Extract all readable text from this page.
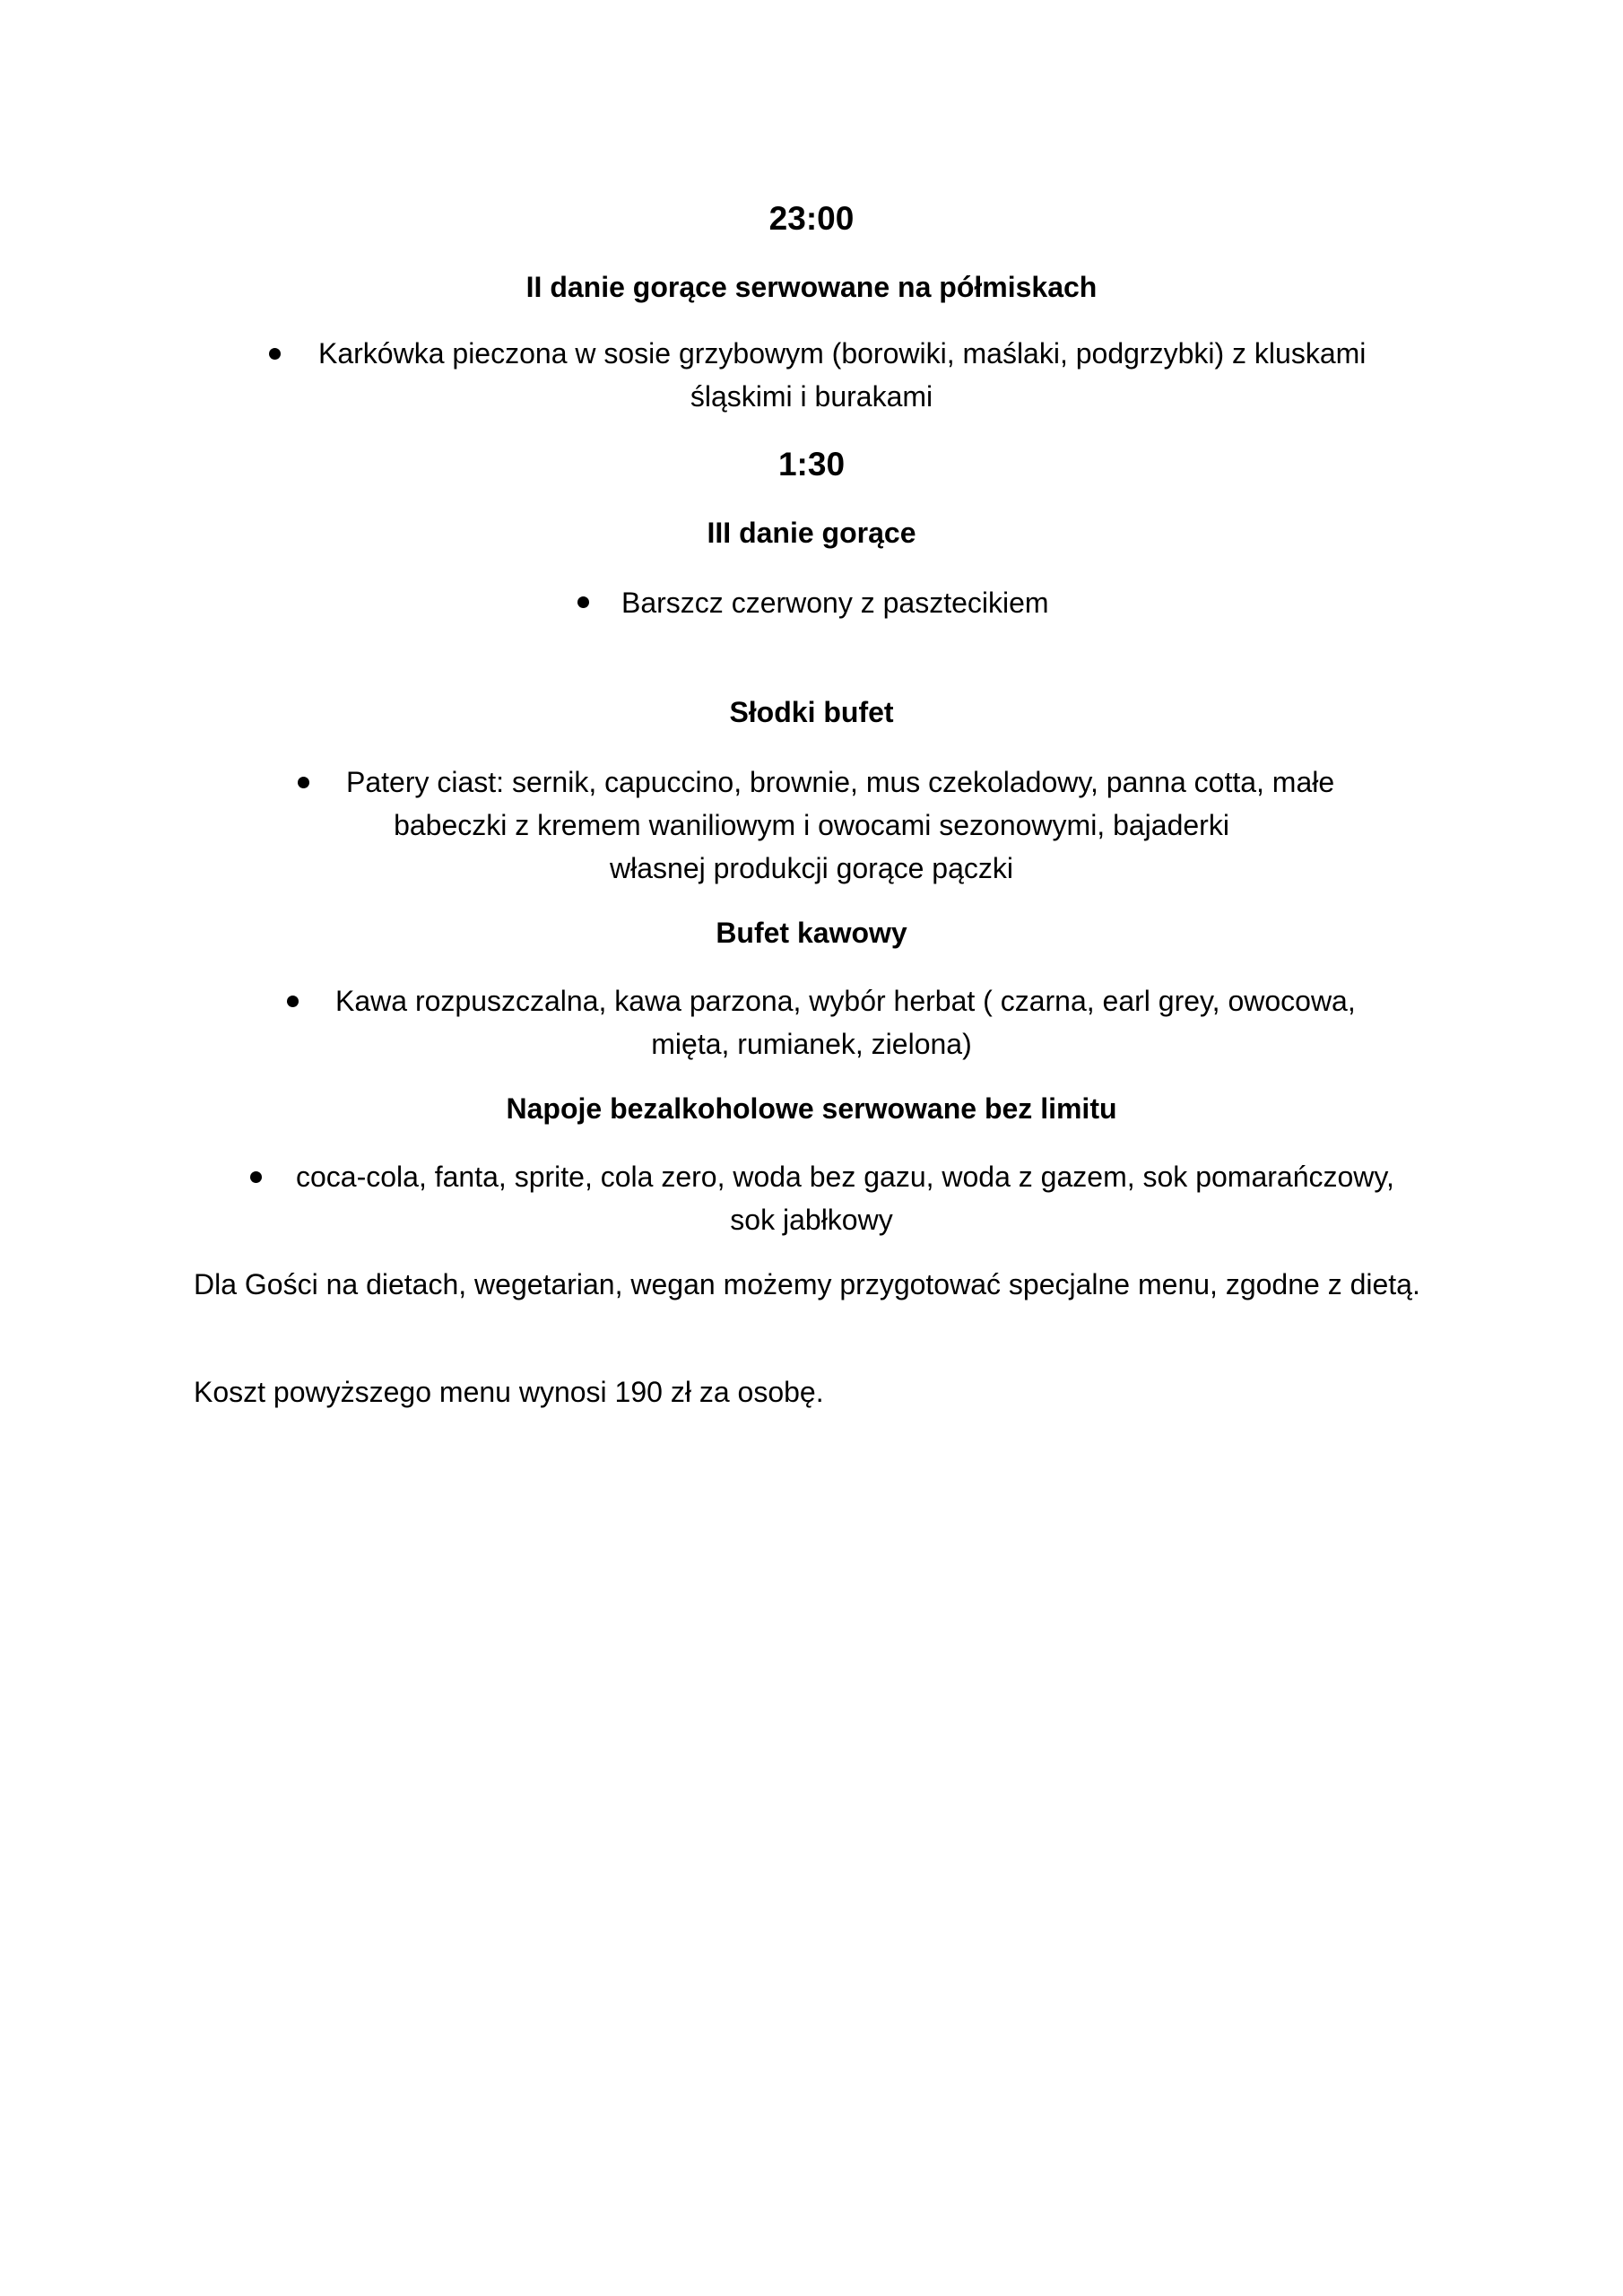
23:00
II danie gorące serwowane na półmiskach
Karkówka pieczona w sosie grzybowym (borowiki, maślaki, podgrzybki) z kluskami
śląskimi i burakami
1:30
III danie gorące
Barszcz czerwony z pasztecikiem
Słodki bufet
Patery ciast: sernik, capuccino, brownie, mus czekoladowy, panna cotta, małe
babeczki z kremem waniliowym i owocami sezonowymi, bajaderki
własnej produkcji gorące pączki
Bufet kawowy
Kawa rozpuszczalna, kawa parzona, wybór herbat ( czarna, earl grey, owocowa,
mięta, rumianek, zielona)
Napoje bezalkoholowe serwowane bez limitu
coca-cola, fanta, sprite, cola zero, woda bez gazu, woda z gazem, sok pomarańczowy,
sok jabłkowy
Dla Gości na dietach, wegetarian, wegan możemy przygotować specjalne menu, zgodne z dietą.
Koszt powyższego menu wynosi 190 zł za osobę.
